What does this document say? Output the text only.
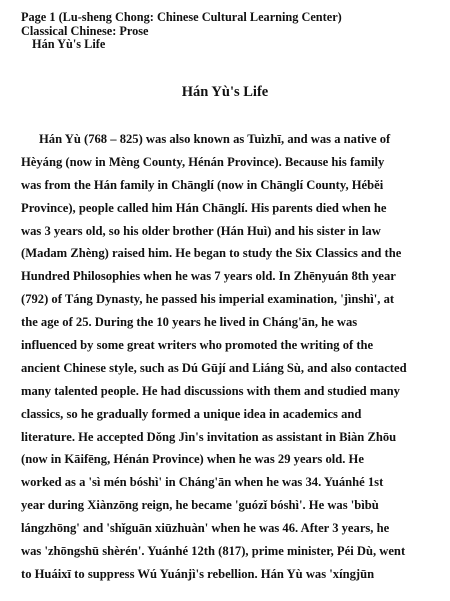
Page 1 (Lu-sheng Chong: Chinese Cultural Learning Center)
Classical Chinese: Prose
Hán Yù's Life
Hán Yù's Life
Hán Yù (768 – 825) was also known as Tuìzhī, and was a native of
Hèyáng (now in Mèng County, Hénán Province). Because his family
was from the Hán family in Chānglí (now in Chānglí County, Héběi
Province), people called him Hán Chānglí. His parents died when he
was 3 years old, so his older brother (Hán Huì) and his sister in law
(Madam Zhèng) raised him. He began to study the Six Classics and the
Hundred Philosophies when he was 7 years old. In Zhēnyuán 8th year
(792) of Táng Dynasty, he passed his imperial examination, 'jìnshì', at
the age of 25. During the 10 years he lived in Cháng'ān, he was
influenced by some great writers who promoted the writing of the
ancient Chinese style, such as Dú Gūjí and Liáng Sù, and also contacted
many talented people. He had discussions with them and studied many
classics, so he gradually formed a unique idea in academics and
literature. He accepted Dǒng Jìn's invitation as assistant in Biàn Zhōu
(now in Kāifēng, Hénán Province) when he was 29 years old. He
worked as a 'sì mén bóshì' in Cháng'ān when he was 34. Yuánhé 1st
year during Xiànzōng reign, he became 'guózǐ bóshì'. He was 'bìbù
lángzhōng' and 'shǐguān xiūzhuàn' when he was 46. After 3 years, he
was 'zhōngshū shèrén'. Yuánhé 12th (817), prime minister, Péi Dù, went
to Huáixī to suppress Wú Yuánjì's rebellion. Hán Yù was 'xíngjūn
